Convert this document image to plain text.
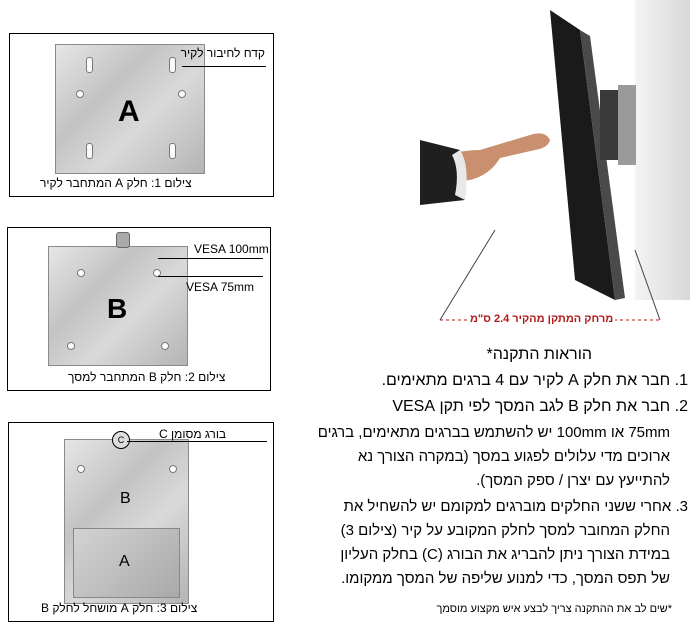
A
קדח לחיבור לקיר
צילום 1: חלק A המתחבר לקיר
B
VESA 100mm
VESA 75mm
צילום 2: חלק B המתחבר למסך
B
A
C	בורג מסומן C
צילום 3: חלק A מושחל לחלק B
מרחק המתקן מהקיר 2.4 ס"מ
הוראות התקנה*
1. חבר את חלק A לקיר עם 4 ברגים מתאימים.
2. חבר את חלק B לגב המסך לפי תקן VESA
75mm או 100mm יש להשתמש בברגים מתאימים, ברגים
ארוכים מדי עלולים לפגוע במסך (במקרה הצורך נא
להתייעץ עם יצרן / ספק המסך).
3. אחרי ששני החלקים מוברגים למקומם יש להשחיל את
החלק המחובר למסך לחלק המקובע על קיר (צילום 3)
במידת הצורך ניתן להבריג את הבורג (C) בחלק העליון
של תפס המסך, כדי למנוע שליפה של המסך ממקומו.
*שים לב את ההתקנה צריך לבצע איש מקצוע מוסמך
